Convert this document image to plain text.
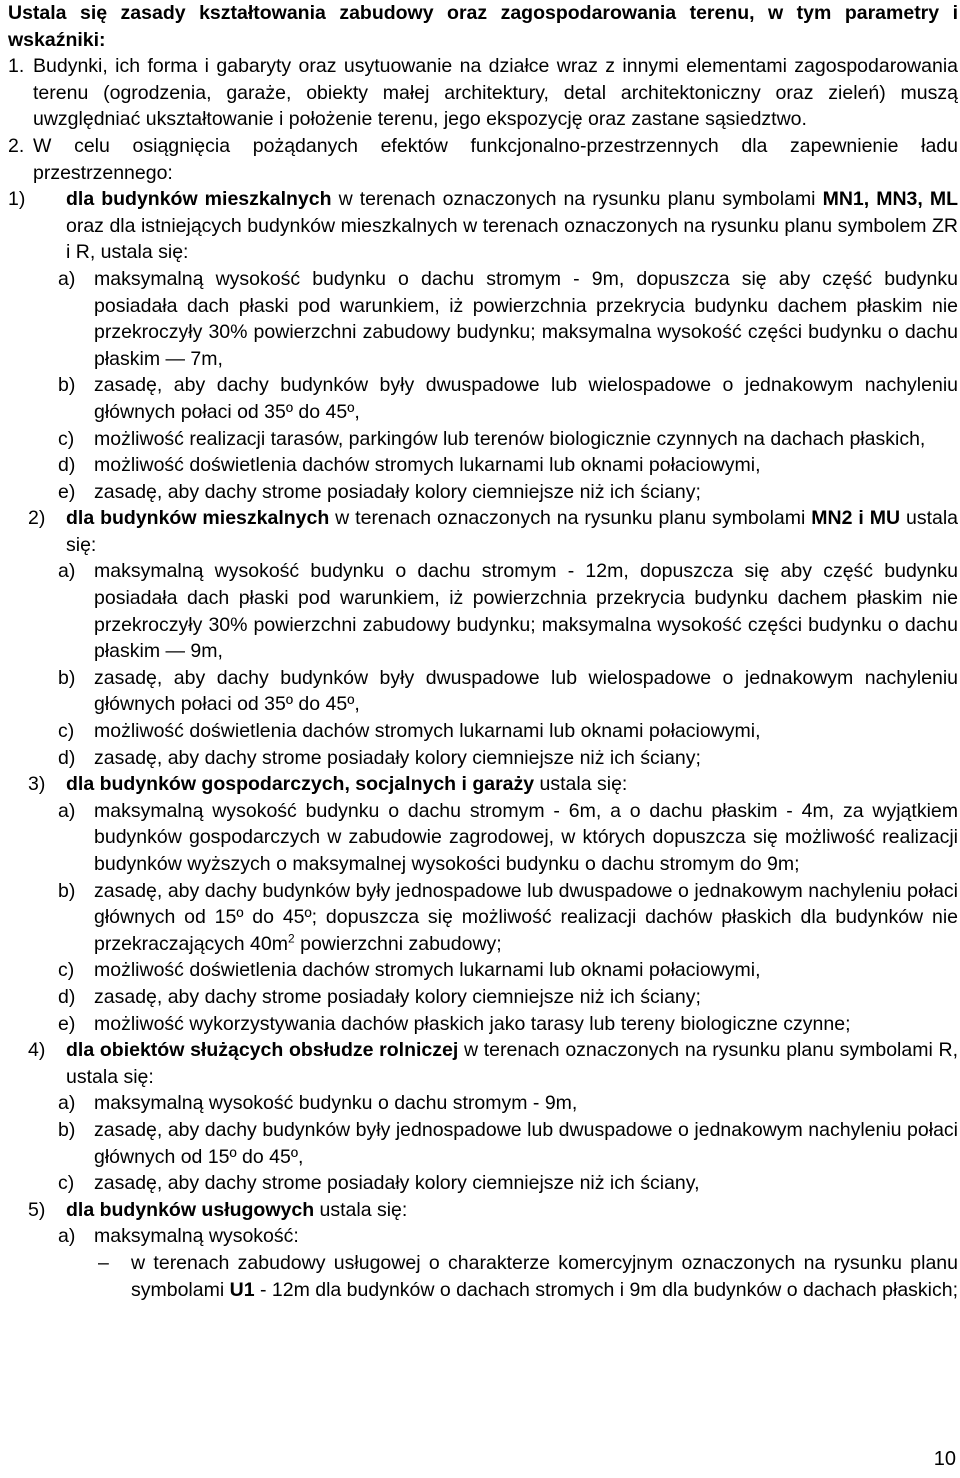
Ustala się zasady kształtowania zabudowy oraz zagospodarowania terenu, w tym parametry i wskaźniki:

1. Budynki, ich forma i gabaryty oraz usytuowanie na działce wraz z innymi elementami zagospodarowania terenu (ogrodzenia, garaże, obiekty małej architektury, detal architektoniczny oraz zieleń) muszą uwzględniać ukształtowanie i położenie terenu, jego ekspozycję oraz zastane sąsiedztwo.
2. W celu osiągnięcia pożądanych efektów funkcjonalno-przestrzennych dla zapewnienie ładu przestrzennego:
1)	dla budynków mieszkalnych w terenach oznaczonych na rysunku planu symbolami MN1, MN3, ML oraz dla istniejących budynków mieszkalnych w terenach oznaczonych na rysunku planu symbolem ZR i R, ustala się:
a) maksymalną wysokość budynku o dachu stromym - 9m, dopuszcza się aby część budynku posiadała dach płaski pod warunkiem, iż powierzchnia przekrycia budynku dachem płaskim nie przekroczyły 30% powierzchni zabudowy budynku; maksymalna wysokość części budynku o dachu płaskim — 7m,
b) zasadę, aby dachy budynków były dwuspadowe lub wielospadowe o jednakowym nachyleniu głównych połaci od 35º do 45º,
c)	możliwość realizacji tarasów, parkingów lub terenów biologicznie czynnych na dachach płaskich,
d) możliwość doświetlenia dachów stromych lukarnami lub oknami połaciowymi,
e) zasadę, aby dachy strome posiadały kolory ciemniejsze niż ich ściany;
2)	dla budynków mieszkalnych w terenach oznaczonych na rysunku planu symbolami MN2 i MU ustala się:
a) maksymalną wysokość budynku o dachu stromym - 12m, dopuszcza się aby część budynku posiadała dach płaski pod warunkiem, iż powierzchnia przekrycia budynku dachem płaskim nie przekroczyły 30% powierzchni zabudowy budynku; maksymalna wysokość części budynku o dachu płaskim — 9m,
b) zasadę, aby dachy budynków były dwuspadowe lub wielospadowe o jednakowym nachyleniu głównych połaci od 35º do 45º,
c)	możliwość doświetlenia dachów stromych lukarnami lub oknami połaciowymi,
d) zasadę, aby dachy strome posiadały kolory ciemniejsze niż ich ściany;
3)	dla budynków gospodarczych, socjalnych i garaży ustala się:
a) maksymalną wysokość budynku o dachu stromym - 6m, a o dachu płaskim - 4m, za wyjątkiem budynków gospodarczych w zabudowie zagrodowej, w których dopuszcza się możliwość realizacji budynków wyższych o maksymalnej wysokości budynku o dachu stromym do 9m;
b) zasadę, aby dachy budynków były jednospadowe lub dwuspadowe o jednakowym nachyleniu połaci głównych od 15º do 45º; dopuszcza się możliwość realizacji dachów płaskich dla budynków nie przekraczających $40m^2$ powierzchni zabudowy;
c)	możliwość doświetlenia dachów stromych lukarnami lub oknami połaciowymi,
d) zasadę, aby dachy strome posiadały kolory ciemniejsze niż ich ściany;
e) możliwość wykorzystywania dachów płaskich jako tarasy lub tereny biologiczne czynne;
4)	dla obiektów służących obsłudze rolniczej w terenach oznaczonych na rysunku planu symbolami R, ustala się:
a) maksymalną wysokość budynku o dachu stromym - 9m,
b) zasadę, aby dachy budynków były jednospadowe lub dwuspadowe o jednakowym nachyleniu połaci głównych od 15º do 45º,
c)	zasadę, aby dachy strome posiadały kolory ciemniejsze niż ich ściany,
5)	dla budynków usługowych ustala się:
a) maksymalną wysokość:
–	w terenach zabudowy usługowej o charakterze komercyjnym oznaczonych na rysunku planu symbolami U1 - 12m dla budynków o dachach stromych i 9m dla budynków o dachach płaskich;
10
